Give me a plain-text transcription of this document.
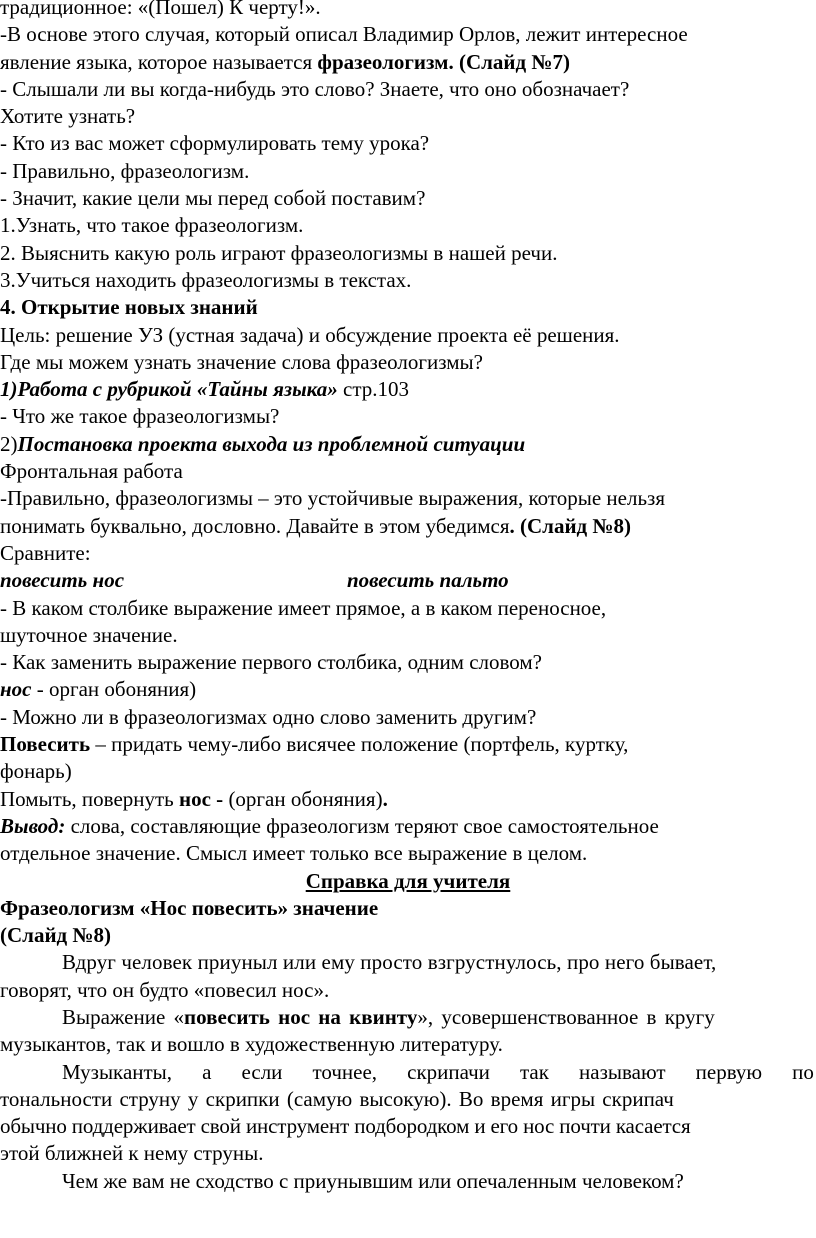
традиционное: «(Пошел) К черту!».
-В основе этого случая, который описал Владимир Орлов, лежит интересное
явление языка, которое называется фразеологизм. (Слайд №7)
- Слышали ли вы когда-нибудь это слово? Знаете, что оно обозначает?
Хотите узнать?
- Кто из вас может сформулировать тему урока?
- Правильно, фразеологизм.
- Значит, какие цели мы перед собой поставим?
1.Узнать, что такое фразеологизм.
2. Выяснить какую роль играют фразеологизмы в нашей речи.
3.Учиться находить фразеологизмы в текстах.
4. Открытие новых знаний
Цель: решение УЗ (устная задача) и обсуждение проекта её решения.
Где мы можем узнать значение слова фразеологизмы?
1)Работа с рубрикой «Тайны языка» стр.103
- Что же такое фразеологизмы?
2)Постановка проекта выхода из проблемной ситуации
Фронтальная работа
-Правильно, фразеологизмы – это устойчивые выражения, которые нельзя
понимать буквально, дословно. Давайте в этом убедимся. (Слайд №8)
Сравните:
повесить нос	повесить пальто
- В каком столбике выражение имеет прямое, а в каком переносное,
шуточное значение.
- Как заменить выражение первого столбика, одним словом?
нос - орган обоняния)
- Можно ли в фразеологизмах одно слово заменить другим?
Повесить – придать чему-либо висячее положение (портфель, куртку,
фонарь)
Помыть, повернуть нос - (орган обоняния).
Вывод: слова, составляющие фразеологизм теряют свое самостоятельное
отдельное значение. Смысл имеет только все выражение в целом.
Справка для учителя
Фразеологизм «Нос повесить» значение
(Слайд №8)
Вдруг человек приуныл или ему просто взгрустнулось, про него бывает,
говорят, что он будто «повесил нос».
Выражение «повесить нос на квинту», усовершенствованное в кругу
музыкантов, так и вошло в художественную литературу.
Музыканты, а если точнее, скрипачи так называют первую по
тональности струну у скрипки (самую высокую). Во время игры скрипач
обычно поддерживает свой инструмент подбородком и его нос почти касается
этой ближней к нему струны.
Чем же вам не сходство с приунывшим или опечаленным человеком?
